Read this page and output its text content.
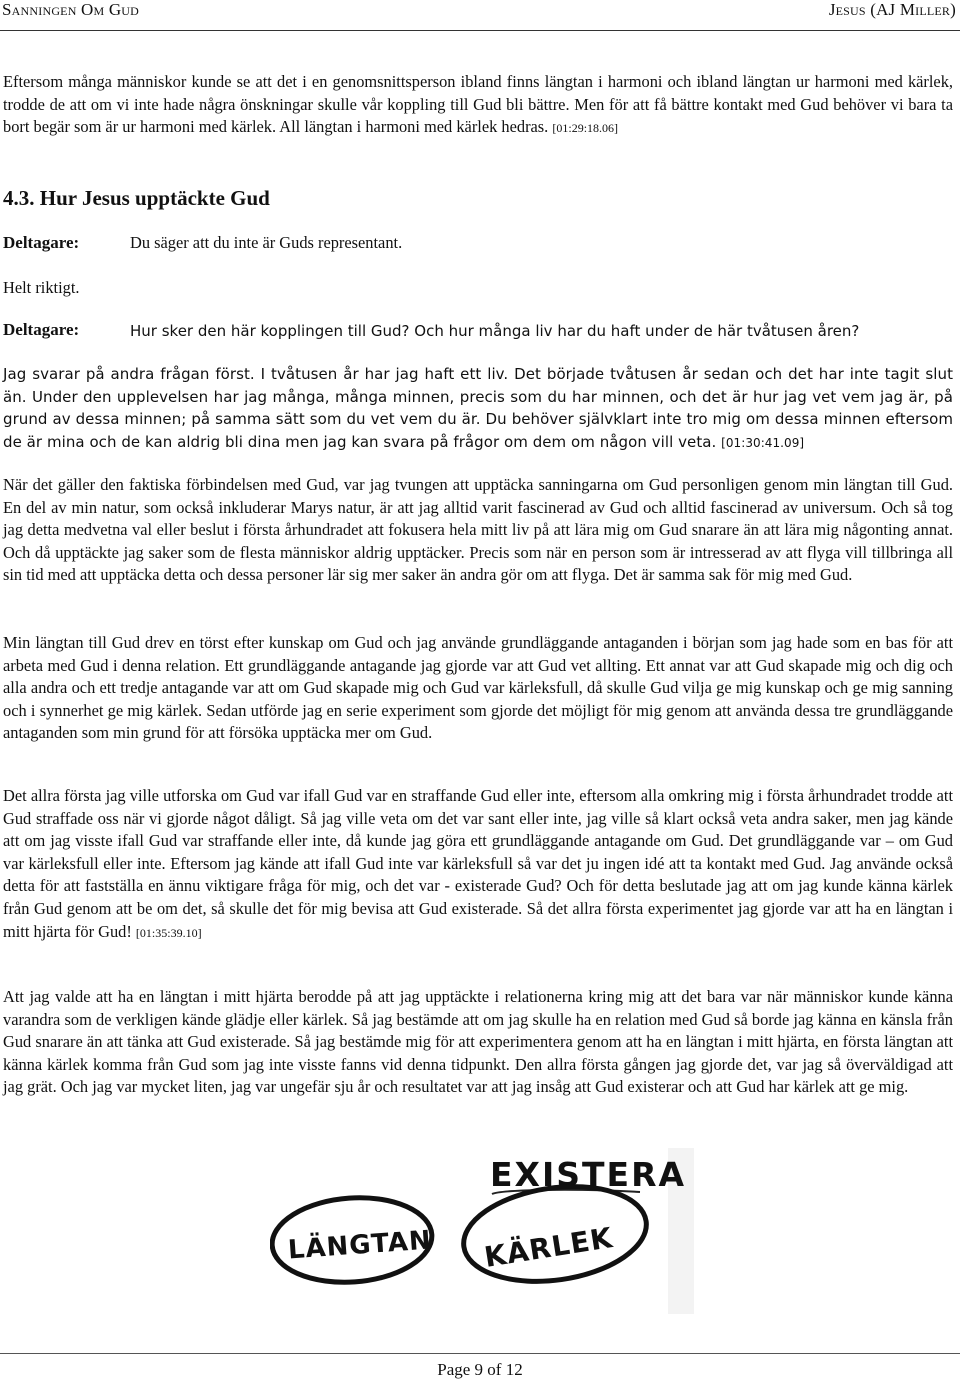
Sanningen Om Gud	Jesus (AJ Miller)

Eftersom många människor kunde se att det i en genomsnittsperson ibland finns längtan i harmoni och ibland längtan ur harmoni med kärlek, trodde de att om vi inte hade några önskningar skulle vår koppling till Gud bli bättre. Men för att få bättre kontakt med Gud behöver vi bara ta bort begär som är ur harmoni med kärlek. All längtan i harmoni med kärlek hedras. [01:29:18.06]

4.3. Hur Jesus upptäckte Gud
Deltagare:	Du säger att du inte är Guds representant.
Helt riktigt.
Deltagare:	Hur sker den här kopplingen till Gud? Och hur många liv har du haft under de här tvåtusen åren?

Jag svarar på andra frågan först. I tvåtusen år har jag haft ett liv. Det började tvåtusen år sedan och det har inte tagit slut än. Under den upplevelsen har jag många, många minnen, precis som du har minnen, och det är hur jag vet vem jag är, på grund av dessa minnen; på samma sätt som du vet vem du är. Du behöver självklart inte tro mig om dessa minnen eftersom de är mina och de kan aldrig bli dina men jag kan svara på frågor om dem om någon vill veta. [01:30:41.09]

När det gäller den faktiska förbindelsen med Gud, var jag tvungen att upptäcka sanningarna om Gud personligen genom min längtan till Gud. En del av min natur, som också inkluderar Marys natur, är att jag alltid varit fascinerad av Gud och alltid fascinerad av universum. Och så tog jag detta medvetna val eller beslut i första århundradet att fokusera hela mitt liv på att lära mig om Gud snarare än att lära mig någonting annat. Och då upptäckte jag saker som de flesta människor aldrig upptäcker. Precis som när en person som är intresserad av att flyga vill tillbringa all sin tid med att upptäcka detta och dessa personer lär sig mer saker än andra gör om att flyga. Det är samma sak för mig med Gud.

Min längtan till Gud drev en törst efter kunskap om Gud och jag använde grundläggande antaganden i början som jag hade som en bas för att arbeta med Gud i denna relation. Ett grundläggande antagande jag gjorde var att Gud vet allting. Ett annat var att Gud skapade mig och dig och alla andra och ett tredje antagande var att om Gud skapade mig och Gud var kärleksfull, då skulle Gud vilja ge mig kunskap och ge mig sanning och i synnerhet ge mig kärlek. Sedan utförde jag en serie experiment som gjorde det möjligt för mig genom att använda dessa tre grundläggande antaganden som min grund för att försöka upptäcka mer om Gud.

Det allra första jag ville utforska om Gud var ifall Gud var en straffande Gud eller inte, eftersom alla omkring mig i första århundradet trodde att Gud straffade oss när vi gjorde något dåligt. Så jag ville veta om det var sant eller inte, jag ville så klart också veta andra saker, men jag kände att om jag visste ifall Gud var straffande eller inte, då kunde jag göra ett grundläggande antagande om Gud. Det grundläggande var – om Gud var kärleksfull eller inte. Eftersom jag kände att ifall Gud inte var kärleksfull så var det ju ingen idé att ta kontakt med Gud. Jag använde också detta för att fastställa en ännu viktigare fråga för mig, och det var - existerade Gud? Och för detta beslutade jag att om jag kunde känna kärlek från Gud genom att be om det, så skulle det för mig bevisa att Gud existerade. Så det allra första experimentet jag gjorde var att ha en längtan i mitt hjärta för Gud! [01:35:39.10]

Att jag valde att ha en längtan i mitt hjärta berodde på att jag upptäckte i relationerna kring mig att det bara var när människor kunde känna varandra som de verkligen kände glädje eller kärlek. Så jag bestämde att om jag skulle ha en relation med Gud så borde jag känna en känsla från Gud snarare än att tänka att Gud existerade. Så jag bestämde mig för att experimentera genom att ha en längtan i mitt hjärta, en första längtan att känna kärlek komma från Gud som jag inte visste fanns vid denna tidpunkt. Den allra första gången jag gjorde det, var jag så överväldigad att jag grät. Och jag var mycket liten, jag var ungefär sju år och resultatet var att jag insåg att Gud existerar och att Gud har kärlek att ge mig.

EXISTERA
LÄNGTAN KÄRLEK
Page 9 of 12
